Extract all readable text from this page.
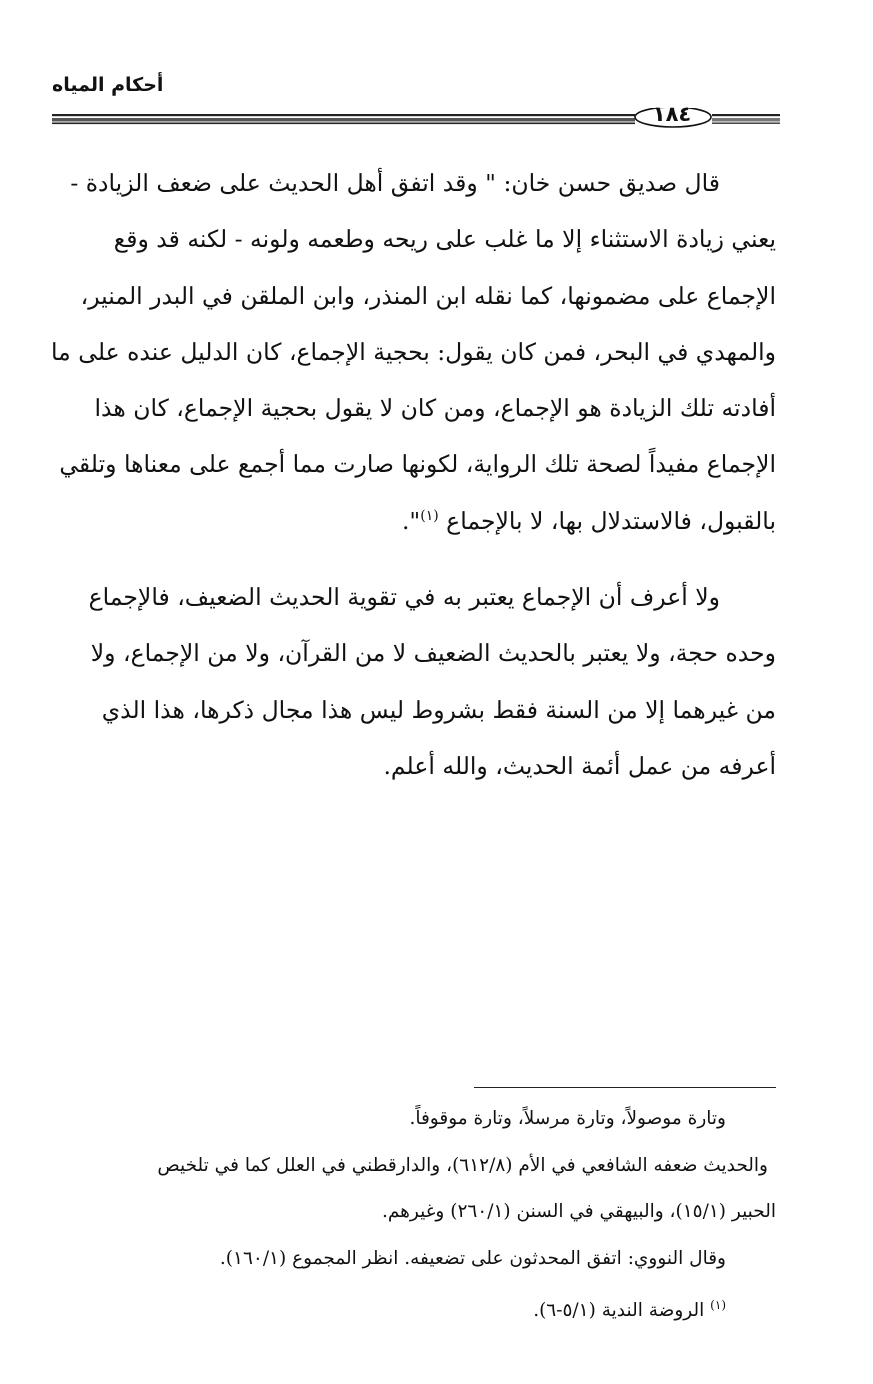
أحكام المياه
١٨٤

قال صديق حسن خان: " وقد اتفق أهل الحديث على ضعف الزيادة -
يعني زيادة الاستثناء إلا ما غلب على ريحه وطعمه ولونه - لكنه قد وقع
الإجماع على مضمونها، كما نقله ابن المنذر، وابن الملقن في البدر المنير،
والمهدي في البحر، فمن كان يقول: بحجية الإجماع، كان الدليل عنده على ما
أفادته تلك الزيادة هو الإجماع، ومن كان لا يقول بحجية الإجماع، كان هذا
الإجماع مفيداً لصحة تلك الرواية، لكونها صارت مما أجمع على معناها وتلقي
بالقبول، فالاستدلال بها، لا بالإجماع $^{(١)}$".

ولا أعرف أن الإجماع يعتبر به في تقوية الحديث الضعيف، فالإجماع
وحده حجة، ولا يعتبر بالحديث الضعيف لا من القرآن، ولا من الإجماع، ولا
من غيرهما إلا من السنة فقط بشروط ليس هذا مجال ذكرها، هذا الذي
أعرفه من عمل أئمة الحديث، والله أعلم.

وتارة موصولاً، وتارة مرسلاً، وتارة موقوفاً.
والحديث ضعفه الشافعي في الأم (٦١٢/٨)، والدارقطني في العلل كما في تلخيص
الحبير (١٥/١)، والبيهقي في السنن (٢٦٠/١) وغيرهم.
وقال النووي: اتفق المحدثون على تضعيفه. انظر المجموع (١٦٠/١).
$^{(١)}$ الروضة الندية (٥/١-٦).
